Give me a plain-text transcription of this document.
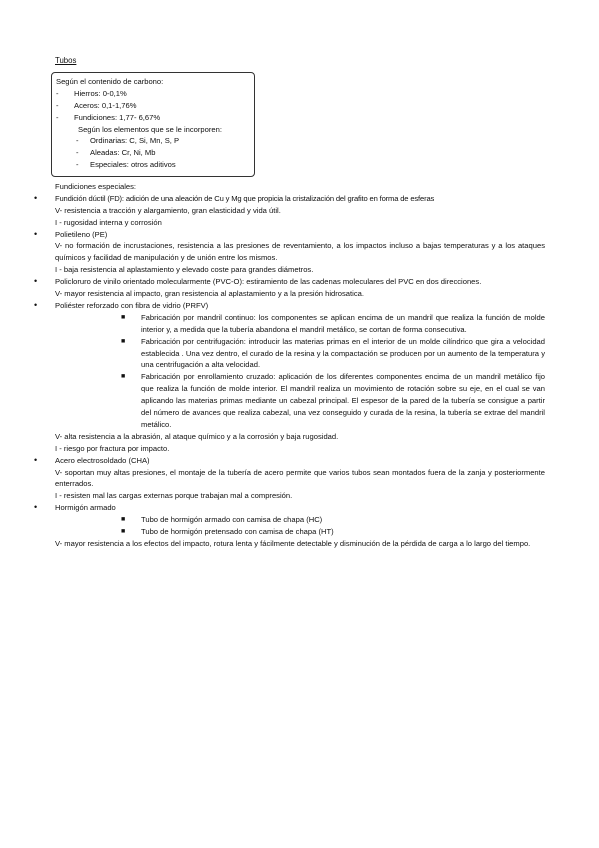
Tubos
Según el contenido de carbono:
-	Hierros: 0-0,1%
-	Aceros: 0,1-1,76%
-	Fundiciones: 1,77- 6,67%
Según los elementos que se le incorporen:
-	Ordinarias: C, Si, Mn, S, P
-	Aleadas: Cr, Ni, Mb
-	Especiales: otros aditivos
Fundiciones especiales:
• Fundición dúctil (FD): adición de una aleación de Cu y Mg que propicia la cristalización del grafito en forma de esferas
V- resistencia a tracción y alargamiento, gran elasticidad y vida útil.
I - rugosidad interna y corrosión
• Polietileno (PE)
V- no formación de incrustaciones, resistencia a las presiones de reventamiento, a los impactos incluso a bajas temperaturas y a los ataques químicos y facilidad de manipulación y de unión entre los mismos.
I - baja resistencia al aplastamiento y elevado coste para grandes diámetros.
• Policloruro de vinilo orientado molecularmente (PVC-O): estiramiento de las cadenas moleculares del PVC en dos direcciones.
V- mayor resistencia al impacto, gran resistencia al aplastamiento y a la presión hidrosatica.
• Poliéster reforzado con fibra de vidrio (PRFV)
■ Fabricación por mandril continuo: los componentes se aplican encima de un mandril que realiza la función de molde interior y, a medida que la tubería abandona el mandril metálico, se cortan de forma consecutiva.
■ Fabricación por centrifugación: introducir las materias primas en el interior de un molde cilíndrico que gira a velocidad establecida . Una vez dentro, el curado de la resina y la compactación se producen por un aumento de la temperatura y una centrifugación a alta velocidad.
■ Fabricación por enrollamiento cruzado: aplicación de los diferentes componentes encima de un mandril metálico fijo que realiza la función de molde interior. El mandril realiza un movimiento de rotación sobre su eje, en el cual se van aplicando las materias primas mediante un cabezal principal. El espesor de la pared de la tubería se consigue a partir del número de avances que realiza cabezal, una vez conseguido y curada de la resina, la tubería se extrae del mandril metálico.
V- alta resistencia a la abrasión, al ataque químico y a la corrosión y baja rugosidad.
I - riesgo por fractura por impacto.
• Acero electrosoldado (CHA)
V- soportan muy altas presiones, el montaje de la tubería de acero permite que varios tubos sean montados fuera de la zanja y posteriormente enterrados.
I - resisten mal las cargas externas porque trabajan mal a compresión.
• Hormigón armado
■ Tubo de hormigón armado con camisa de chapa (HC)
■ Tubo de hormigón pretensado con camisa de chapa (HT)
V- mayor resistencia a los efectos del impacto, rotura lenta y fácilmente detectable y disminución de la pérdida de carga a lo largo del tiempo.
